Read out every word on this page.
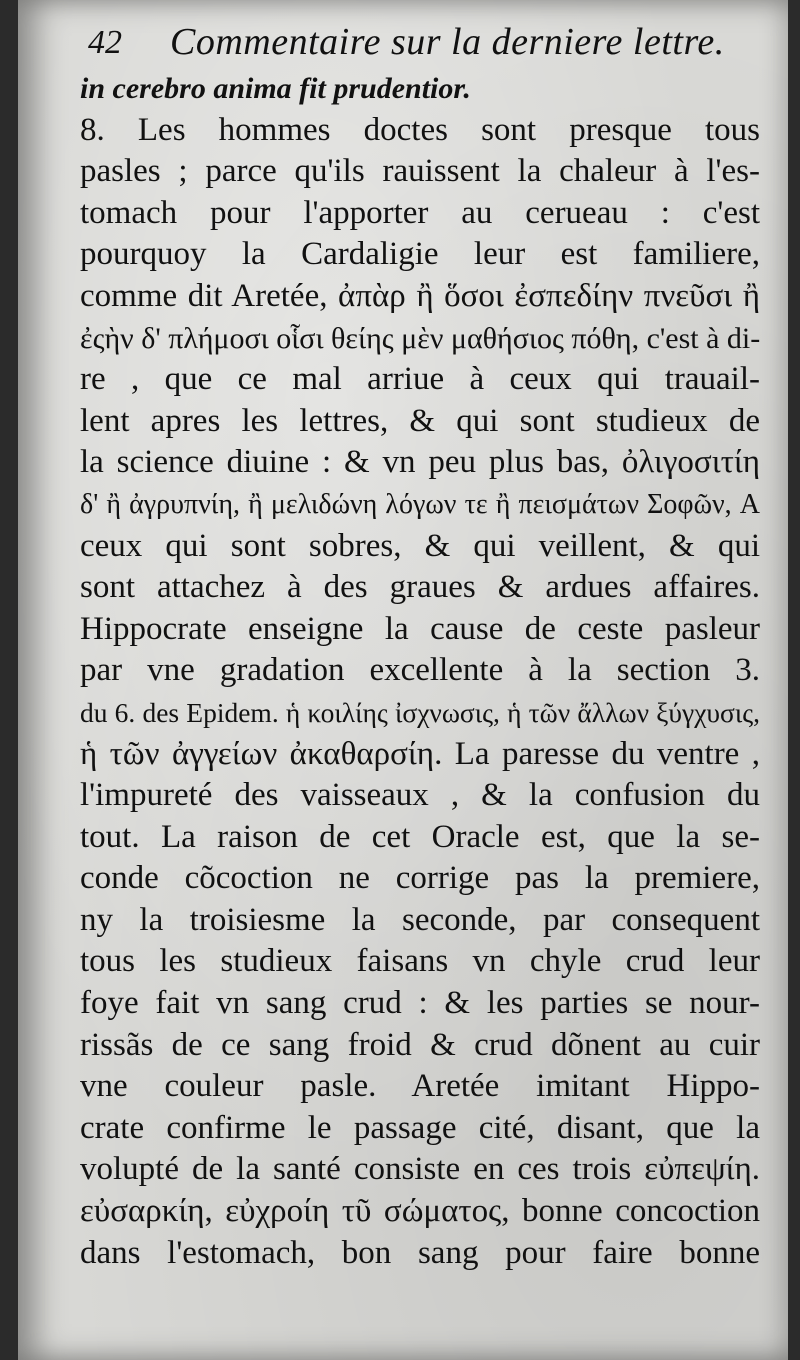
42 Commentaire sur la derniere lettre.
in cerebro anima fit prudentior.
8. Les hommes doctes sont presque tous
pasles ; parce qu'ils rauissent la chaleur à l'es-
tomach pour l'apporter au cerueau : c'est
pourquoy la Cardaligie leur est familiere,
comme dit Aretée, ἀπὰρ ἢ ὅσοι ἐσπεδίην πνεῦσι ἢ
ἐςὴν δ' πλήμοσι οἷσι θείης μὲν μαθήσιος πόθη, c'est à di-
re , que ce mal arriue à ceux qui trauail-
lent apres les lettres, & qui sont studieux de
la science diuine : & vn peu plus bas, ὀλιγοσιτίη
δ' ἢ ἀγρυπνίη, ἢ μελιδώνη λόγων τε ἢ πεισμάτων Σοφῶν, A
ceux qui sont sobres, & qui veillent, & qui
sont attachez à des graues & ardues affaires.
Hippocrate enseigne la cause de ceste pasleur
par vne gradation excellente à la section 3.
du 6. des Epidem. ἡ κοιλίης ἰσχνωσις, ἡ τῶν ἄλλων ξύγχυσις,
ἡ τῶν ἀγγείων ἀκαθαρσίη. La paresse du ventre ,
l'impureté des vaisseaux , & la confusion du
tout. La raison de cet Oracle est, que la se-
conde cõcoction ne corrige pas la premiere,
ny la troisiesme la seconde, par consequent
tous les studieux faisans vn chyle crud leur
foye fait vn sang crud : & les parties se nour-
rissãs de ce sang froid & crud dõnent au cuir
vne couleur pasle. Aretée imitant Hippo-
crate confirme le passage cité, disant, que la
volupté de la santé consiste en ces trois εὐπεψίη.
εὐσαρκίη, εὐχροίη τῦ σώματος, bonne concoction
dans l'estomach, bon sang pour faire bonne
